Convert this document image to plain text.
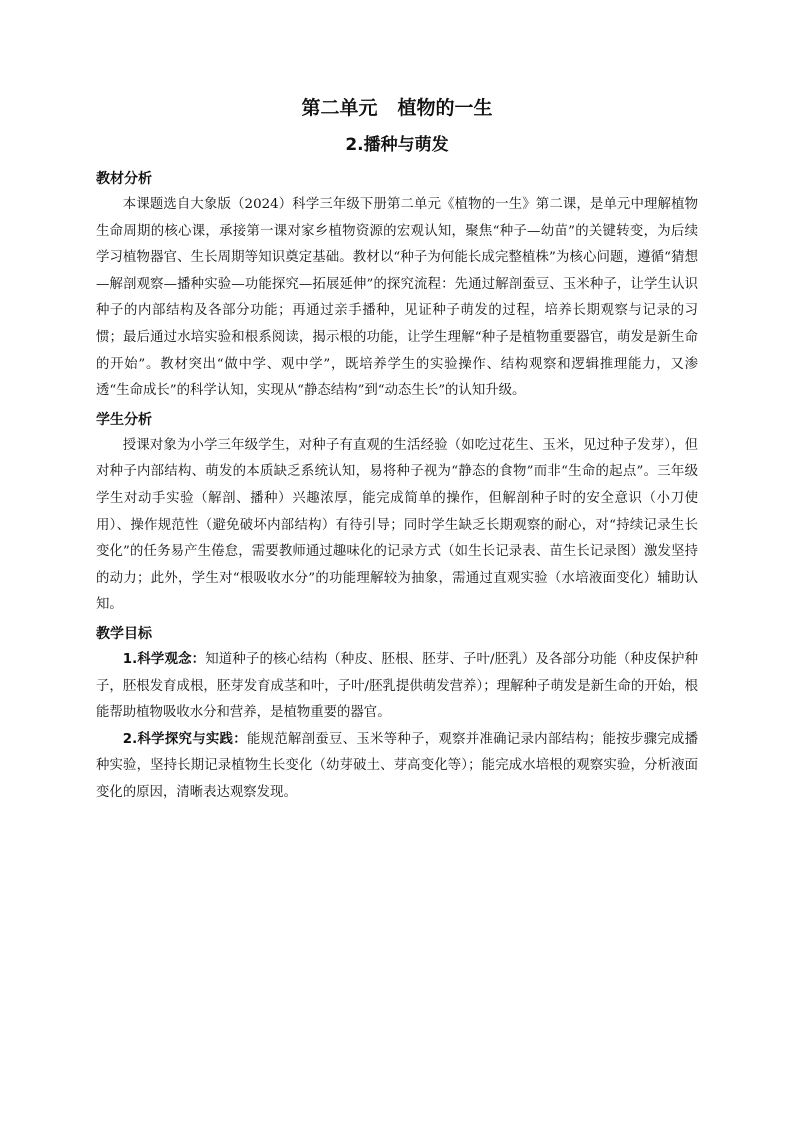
第二单元 植物的一生
2.播种与萌发
教材分析

本课题选自大象版（2024）科学三年级下册第二单元《植物的一生》第二课，是单元中理解植物生命周期的核心课，承接第一课对家乡植物资源的宏观认知，聚焦“种子—幼苗”的关键转变，为后续学习植物器官、生长周期等知识奠定基础。教材以“种子为何能长成完整植株”为核心问题，遵循“猜想—解剖观察—播种实验—功能探究—拓展延伸”的探究流程：先通过解剖蚕豆、玉米种子，让学生认识种子的内部结构及各部分功能；再通过亲手播种，见证种子萌发的过程，培养长期观察与记录的习惯；最后通过水培实验和根系阅读，揭示根的功能，让学生理解“种子是植物重要器官，萌发是新生命的开始”。教材突出“做中学、观中学”，既培养学生的实验操作、结构观察和逻辑推理能力，又渗透“生命成长”的科学认知，实现从“静态结构”到“动态生长”的认知升级。

学生分析

授课对象为小学三年级学生，对种子有直观的生活经验（如吃过花生、玉米，见过种子发芽），但对种子内部结构、萌发的本质缺乏系统认知，易将种子视为“静态的食物”而非“生命的起点”。三年级学生对动手实验（解剖、播种）兴趣浓厚，能完成简单的操作，但解剖种子时的安全意识（小刀使用）、操作规范性（避免破坏内部结构）有待引导；同时学生缺乏长期观察的耐心，对“持续记录生长变化”的任务易产生倦怠，需要教师通过趣味化的记录方式（如生长记录表、苗生长记录图）激发坚持的动力；此外，学生对“根吸收水分”的功能理解较为抽象，需通过直观实验（水培液面变化）辅助认知。

教学目标

1.科学观念：知道种子的核心结构（种皮、胚根、胚芽、子叶/胚乳）及各部分功能（种皮保护种子，胚根发育成根，胚芽发育成茎和叶，子叶/胚乳提供萌发营养）；理解种子萌发是新生命的开始，根能帮助植物吸收水分和营养，是植物重要的器官。

2.科学探究与实践：能规范解剖蚕豆、玉米等种子，观察并准确记录内部结构；能按步骤完成播种实验，坚持长期记录植物生长变化（幼芽破土、芽高变化等）；能完成水培根的观察实验，分析液面变化的原因，清晰表达观察发现。
